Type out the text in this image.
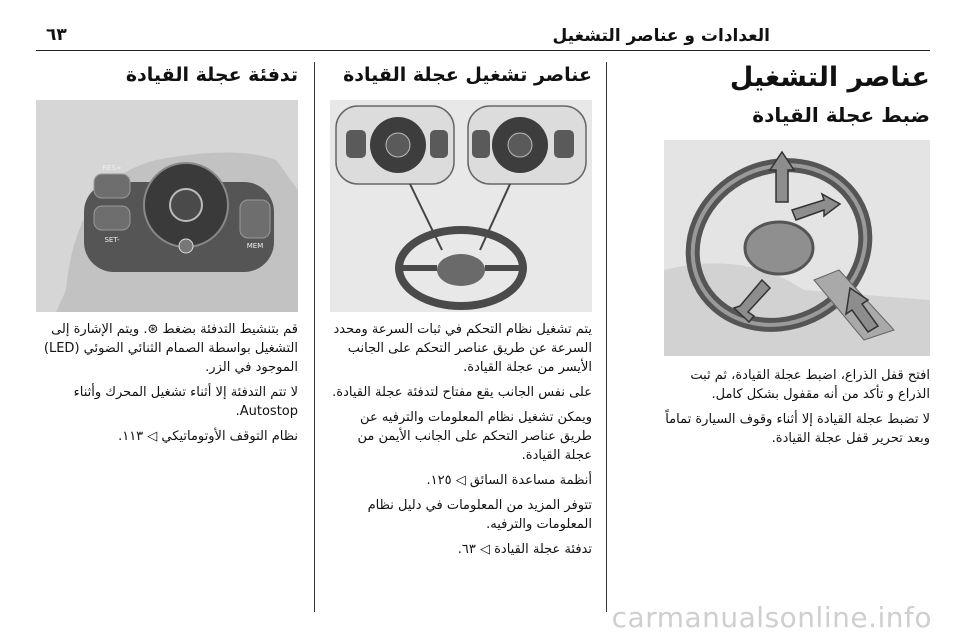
العدادات و عناصر التشغيل
٦٣
عناصر التشغيل
ضبط عجلة القيادة

افتح قفل الذراع، اضبط عجلة القيادة، ثم ثبت الذراع و تأكد من أنه مقفول بشكل كامل.

لا تضبط عجلة القيادة إلا أثناء وقوف السيارة تماماً وبعد تحرير قفل عجلة القيادة.

عناصر تشغيل عجلة القيادة

يتم تشغيل نظام التحكم في ثبات السرعة ومحدد السرعة عن طريق عناصر التحكم على الجانب الأيسر من عجلة القيادة.

على نفس الجانب يقع مفتاح لتدفئة عجلة القيادة.

ويمكن تشغيل نظام المعلومات والترفيه عن طريق عناصر التحكم على الجانب الأيمن من عجلة القيادة.

أنظمة مساعدة السائق ◁ ١٢٥.

تتوفر المزيد من المعلومات في دليل نظام المعلومات والترفيه.

تدفئة عجلة القيادة ◁ ٦٣.

تدفئة عجلة القيادة
RES+
SET-
MEM

قم بتنشيط التدفئة بضغط ⊛. ويتم الإشارة إلى التشغيل بواسطة الصمام الثنائي الضوئي (LED) الموجود في الزر.

لا تتم التدفئة إلا أثناء تشغيل المحرك وأثناء Autostop.

نظام التوقف الأوتوماتيكي ◁ ١١٣.

carmanualsonline.info
